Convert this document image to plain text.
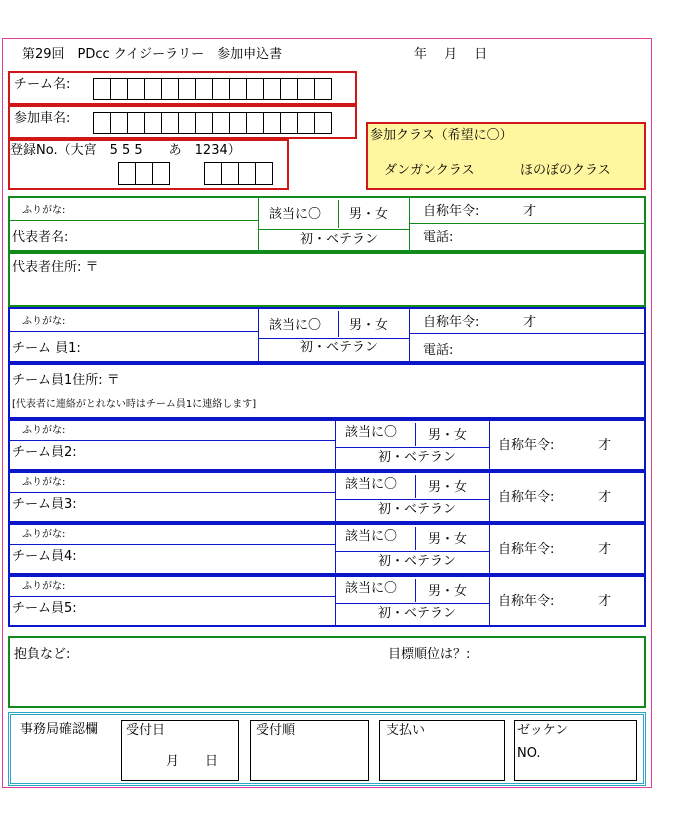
第29回　PDcc クイジーラリー　参加申込書	年　 月　 日
チーム名:
参加車名:
登録No.（大宮　5 5 5　　あ　1234）
参加クラス（希望に〇）
ダンガンクラス	ほのぼのクラス
ふりがな:
代表者名:
該当に〇 男・女
初・ベテラン
自称年令:	才
電話:
代表者住所: 〒
ふりがな:
チーム 員1:
該当に〇 男・女
初・ベテラン
自称年令:	才
電話:
チーム員1住所: 〒
[代表者に連絡がとれない時はチーム員1に連絡します]
ふりがな:
チーム員2:
該当に〇 男・女
初・ベテラン
自称年令:	才
ふりがな:
チーム員3:
該当に〇 男・女
初・ベテラン
自称年令:	才
ふりがな:
チーム員4:
該当に〇 男・女
初・ベテラン
自称年令:	才
ふりがな:
チーム員5:
該当に〇 男・女
初・ベテラン
自称年令:	才
抱負など:	目標順位は？:
事務局確認欄 受付日
月　　日
受付順	支払い	ゼッケン
NO.
